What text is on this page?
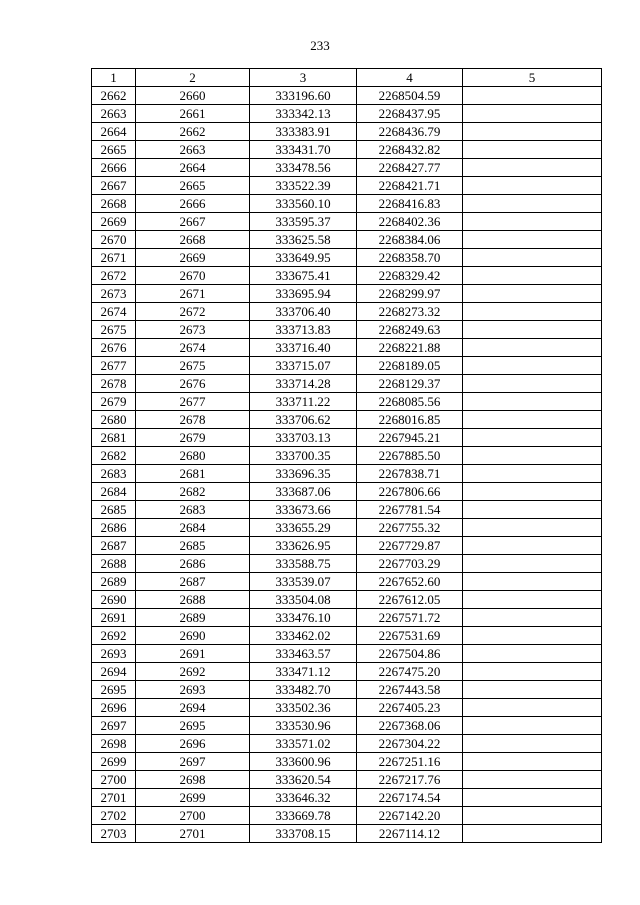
233
1	2	3	4	5
2662	2660	333196.60	2268504.59	
2663	2661	333342.13	2268437.95	
2664	2662	333383.91	2268436.79	
2665	2663	333431.70	2268432.82	
2666	2664	333478.56	2268427.77	
2667	2665	333522.39	2268421.71	
2668	2666	333560.10	2268416.83	
2669	2667	333595.37	2268402.36	
2670	2668	333625.58	2268384.06	
2671	2669	333649.95	2268358.70	
2672	2670	333675.41	2268329.42	
2673	2671	333695.94	2268299.97	
2674	2672	333706.40	2268273.32	
2675	2673	333713.83	2268249.63	
2676	2674	333716.40	2268221.88	
2677	2675	333715.07	2268189.05	
2678	2676	333714.28	2268129.37	
2679	2677	333711.22	2268085.56	
2680	2678	333706.62	2268016.85	
2681	2679	333703.13	2267945.21	
2682	2680	333700.35	2267885.50	
2683	2681	333696.35	2267838.71	
2684	2682	333687.06	2267806.66	
2685	2683	333673.66	2267781.54	
2686	2684	333655.29	2267755.32	
2687	2685	333626.95	2267729.87	
2688	2686	333588.75	2267703.29	
2689	2687	333539.07	2267652.60	
2690	2688	333504.08	2267612.05	
2691	2689	333476.10	2267571.72	
2692	2690	333462.02	2267531.69	
2693	2691	333463.57	2267504.86	
2694	2692	333471.12	2267475.20	
2695	2693	333482.70	2267443.58	
2696	2694	333502.36	2267405.23	
2697	2695	333530.96	2267368.06	
2698	2696	333571.02	2267304.22	
2699	2697	333600.96	2267251.16	
2700	2698	333620.54	2267217.76	
2701	2699	333646.32	2267174.54	
2702	2700	333669.78	2267142.20	
2703	2701	333708.15	2267114.12	
